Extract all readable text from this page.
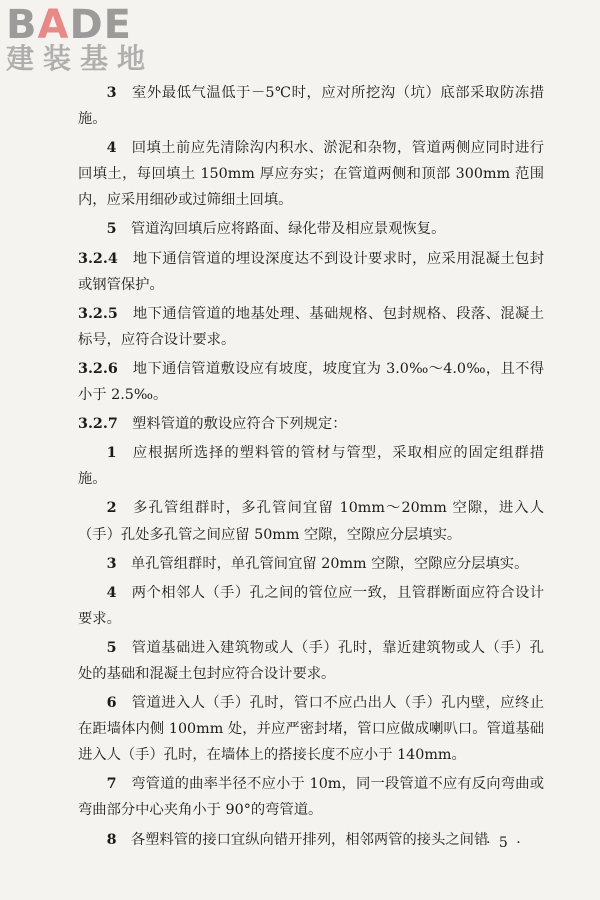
BADE
建装基地

3　 室外最低气温低于－5℃时，应对所挖沟（坑）底部采取防冻措施。

4　 回填土前应先清除沟内积水、淤泥和杂物，管道两侧应同时进行回填土，每回填土 150mm 厚应夯实；在管道两侧和顶部 300mm 范围内，应采用细砂或过筛细土回填。

5　 管道沟回填后应将路面、绿化带及相应景观恢复。

3.2.4　 地下通信管道的埋设深度达不到设计要求时，应采用混凝土包封或钢管保护。

3.2.5　 地下通信管道的地基处理、基础规格、包封规格、段落、混凝土标号，应符合设计要求。

3.2.6　 地下通信管道敷设应有坡度，坡度宜为 3.0‰～4.0‰，且不得小于 2.5‰。

3.2.7　 塑料管道的敷设应符合下列规定：

1　 应根据所选择的塑料管的管材与管型，采取相应的固定组群措施。

2　 多孔管组群时，多孔管间宜留 10mm～20mm 空隙，进入人（手）孔处多孔管之间应留 50mm 空隙，空隙应分层填实。

3　 单孔管组群时，单孔管间宜留 20mm 空隙，空隙应分层填实。

4　 两个相邻人（手）孔之间的管位应一致，且管群断面应符合设计要求。

5　 管道基础进入建筑物或人（手）孔时，靠近建筑物或人（手）孔处的基础和混凝土包封应符合设计要求。

6　 管道进入人（手）孔时，管口不应凸出人（手）孔内壁，应终止在距墙体内侧 100mm 处，并应严密封堵，管口应做成喇叭口。管道基础进入人（手）孔时，在墙体上的搭接长度不应小于 140mm。

7　 弯管道的曲率半径不应小于 10m，同一段管道不应有反向弯曲或弯曲部分中心夹角小于 90°的弯管道。

8　 各塑料管的接口宜纵向错开排列，相邻两管的接头之间错

· 5 ·
